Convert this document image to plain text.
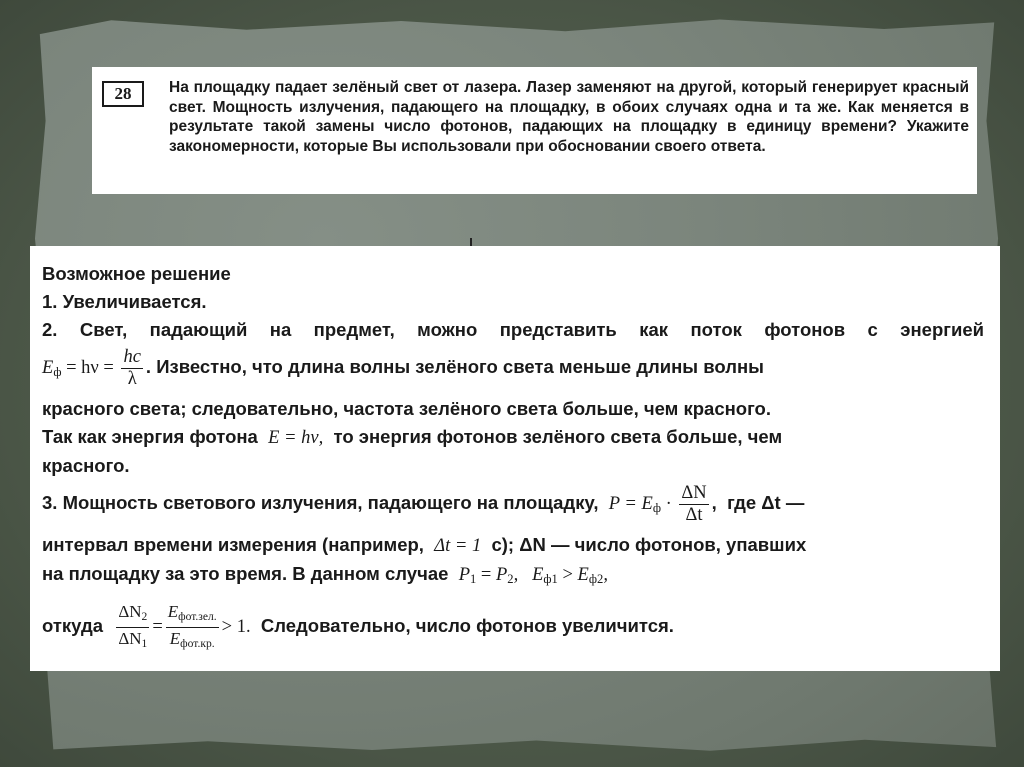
28	На площадку падает зелёный свет от лазера. Лазер заменяют на другой, который генерирует красный свет. Мощность излучения, падающего на площадку, в обоих случаях одна и та же. Как меняется в результате такой замены число фотонов, падающих на площадку в единицу времени? Укажите закономерности, которые Вы использовали при обосновании своего ответа.
Возможное решение
1. Увеличивается.
2. Свет, падающий на предмет, можно представить как поток фотонов с энергией
$E_ф = h\nu = \frac{hc}{\lambda}$ . Известно, что длина волны зелёного света меньше длины волны
красного света; следовательно, частота зелёного света больше, чем красного.
Так как энергия фотона E = hν, то энергия фотонов зелёного света больше, чем
красного.
3. Мощность светового излучения, падающего на площадку, $P = E_ф \cdot \frac{\Delta N}{\Delta t}$ ,  где Δt —
интервал времени измерения (например, Δt = 1 с); ΔN — число фотонов, упавших
на площадку за это время. В данном случае $P_1 = P_2$,   $E_{ф1} > E_{ф2}$,
откуда $\frac{\Delta N_2}{\Delta N_1} = \frac{E_{фот.зел.}}{E_{фот.кр.}} > 1$. Следовательно, число фотонов увеличится.
